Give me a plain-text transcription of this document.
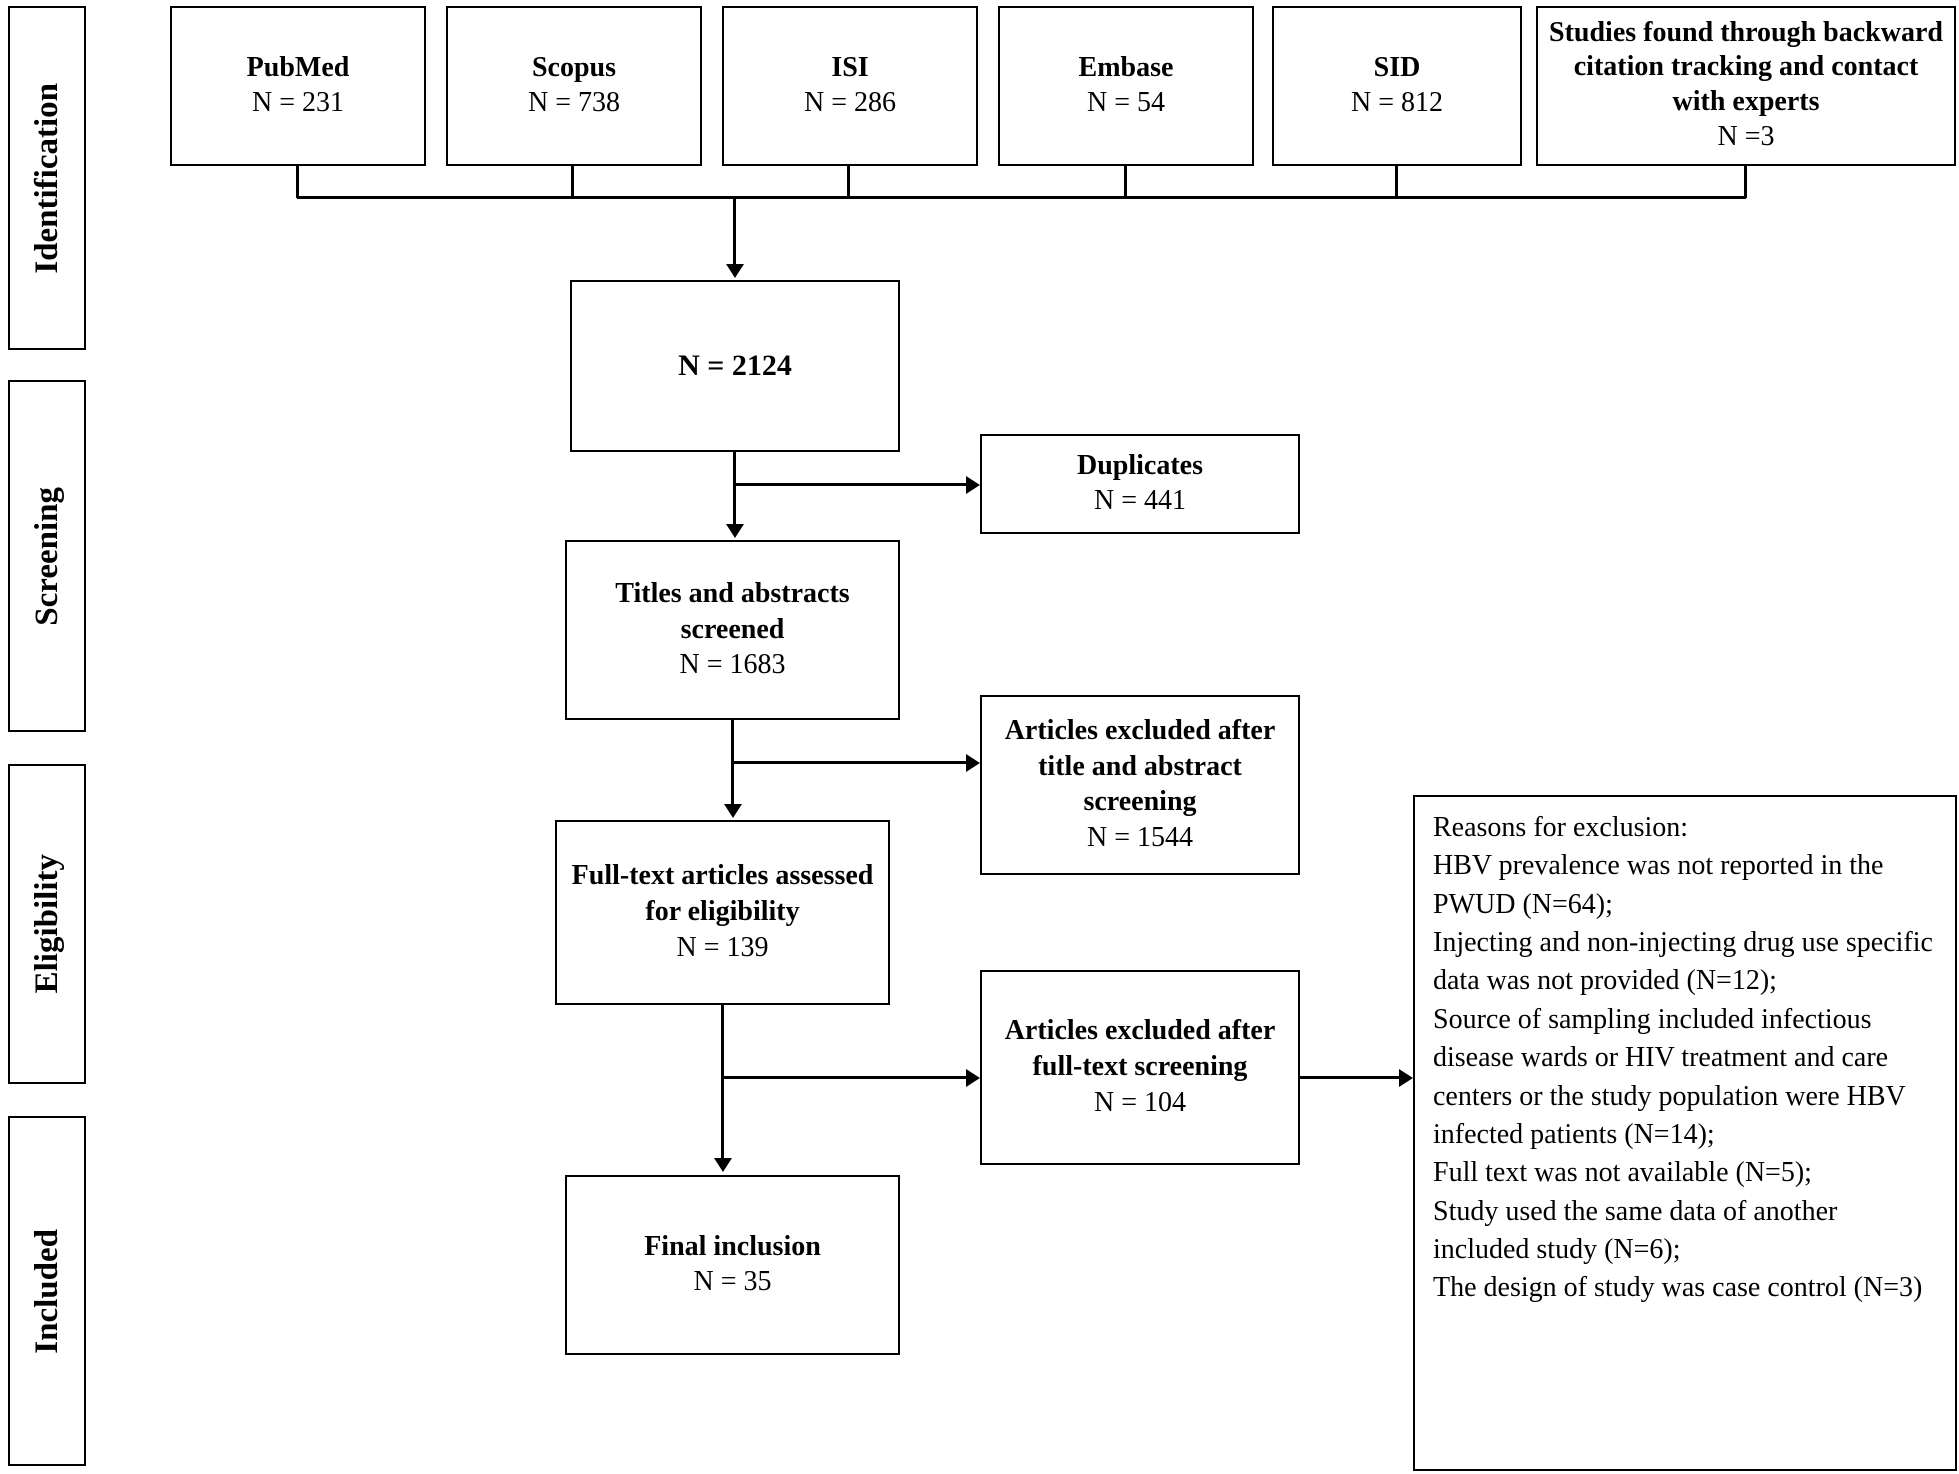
Identification
Screening
Eligibility
Included
PubMed
N = 231
Scopus
N = 738
ISI
N = 286
Embase
N = 54
SID
N = 812
Studies found through backward citation tracking and contact with experts
N =3
N = 2124
Duplicates
N = 441
Titles and abstracts screened
N = 1683
Articles excluded after title and abstract screening
N = 1544
Full-text articles assessed for eligibility
N = 139
Articles excluded after full-text screening
N = 104
Final inclusion
N = 35
Reasons for exclusion:
HBV prevalence was not reported in the PWUD (N=64);
Injecting and non-injecting drug use specific data was not provided (N=12);
Source of sampling included infectious disease wards or HIV treatment and care centers or the study population were HBV infected patients (N=14);
Full text was not available (N=5);
Study used the same data of another included study (N=6);
The design of study was case control (N=3)
